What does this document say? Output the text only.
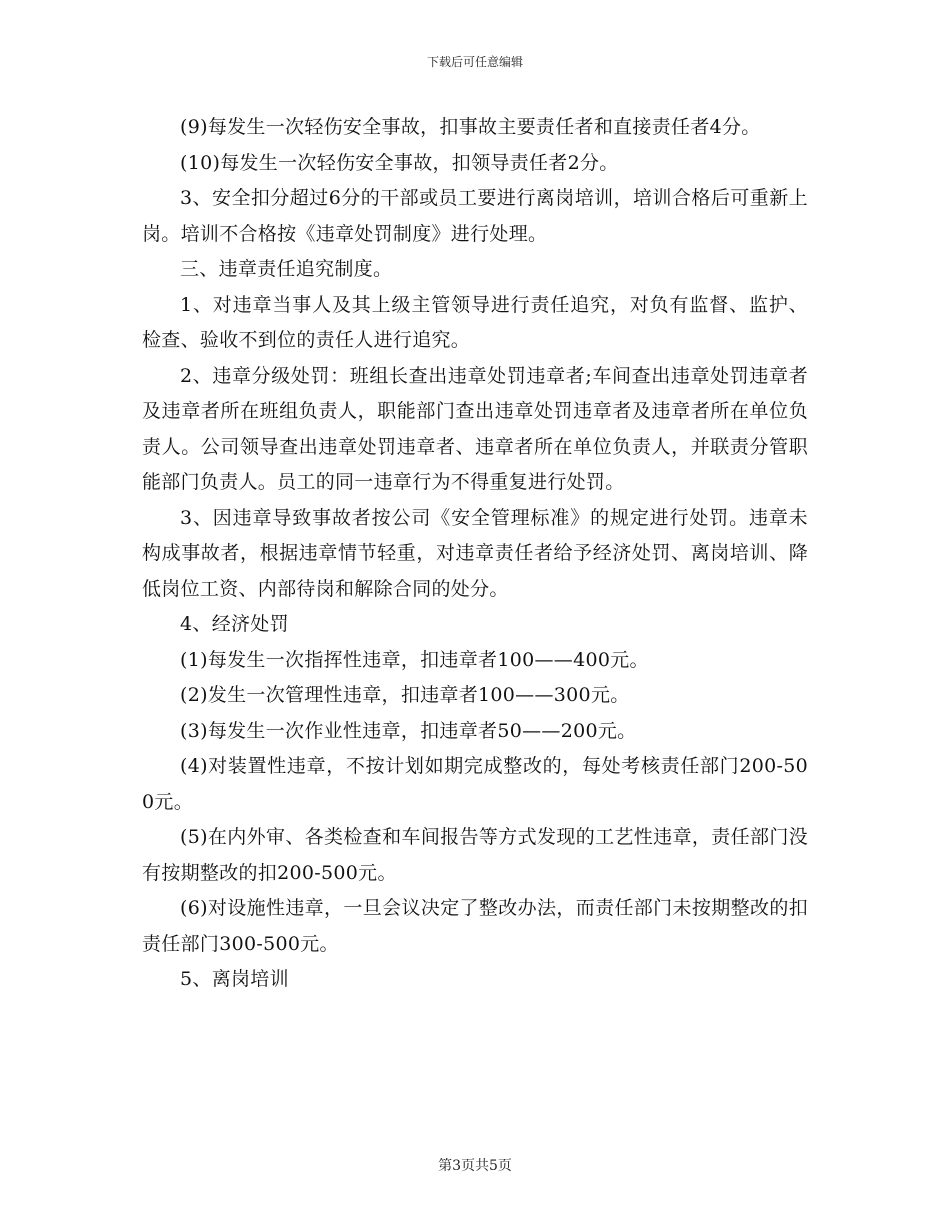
下载后可任意编辑

(9)每发生一次轻伤安全事故，扣事故主要责任者和直接责任者4分。

(10)每发生一次轻伤安全事故，扣领导责任者2分。

3、安全扣分超过6分的干部或员工要进行离岗培训，培训合格后可重新上岗。培训不合格按《违章处罚制度》进行处理。

三、违章责任追究制度。

1、对违章当事人及其上级主管领导进行责任追究，对负有监督、监护、检查、验收不到位的责任人进行追究。

2、违章分级处罚：班组长查出违章处罚违章者;车间查出违章处罚违章者及违章者所在班组负责人，职能部门查出违章处罚违章者及违章者所在单位负责人。公司领导查出违章处罚违章者、违章者所在单位负责人，并联责分管职能部门负责人。员工的同一违章行为不得重复进行处罚。

3、因违章导致事故者按公司《安全管理标准》的规定进行处罚。违章未构成事故者，根据违章情节轻重，对违章责任者给予经济处罚、离岗培训、降低岗位工资、内部待岗和解除合同的处分。

4、经济处罚

(1)每发生一次指挥性违章，扣违章者100——400元。

(2)发生一次管理性违章，扣违章者100——300元。

(3)每发生一次作业性违章，扣违章者50——200元。

(4)对装置性违章，不按计划如期完成整改的，每处考核责任部门200-500元。

(5)在内外审、各类检查和车间报告等方式发现的工艺性违章，责任部门没有按期整改的扣200-500元。

(6)对设施性违章，一旦会议决定了整改办法，而责任部门未按期整改的扣责任部门300-500元。

5、离岗培训

第3页共5页
